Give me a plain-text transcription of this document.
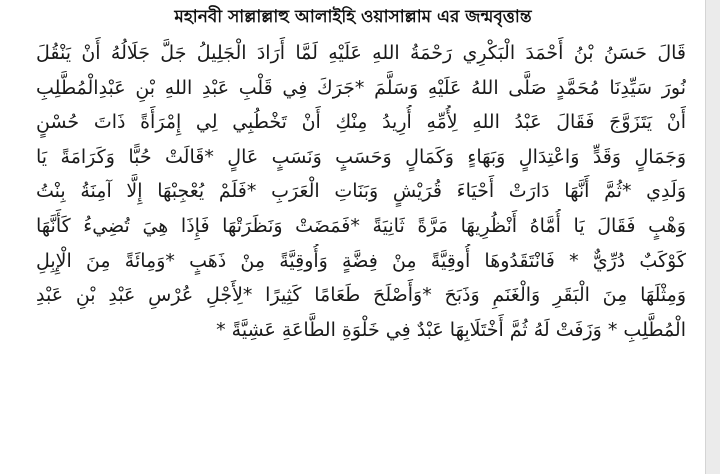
মহানবী সাল্লাল্লাহু আলাইহি ওয়াসাল্লাম এর জন্মবৃত্তান্ত
قَالَ حَسَنُ بْنُ أَحْمَدَ الْبَكْرِي رَحْمَةُ اللهِ عَلَيْهِ لَمَّا أَرَادَ الْجَلِيلُ جَلَّ جَلَالُهُ أَنْ يَنْقُلَ
نُورَ سَيِّدِنَا مُحَمَّدٍ صَلَّى اللهُ عَلَيْهِ وَسَلَّمَ *جَرَكَ فِي قَلْبِ عَبْدِ اللهِ بْنِ عَبْدِالْمُطَّلِبِ
أَنْ يَتَزَوَّجَ فَقَالَ عَبْدُ اللهِ لِأُمِّهِ أُرِيدُ مِنْكِ أَنْ تَخْطُبِي لِي إِمْرَأَةً ذَاتَ حُسْنٍ
وَجَمَالٍ وَقَدٍّ وَاعْتِدَالٍ وَبَهَاءٍ وَكَمَالٍ وَحَسَبٍ وَنَسَبٍ عَالٍ *قَالَتْ حُبًّا وَكَرَامَةً يَا
وَلَدِي *ثُمَّ أَنَّهَا دَارَتْ أَحْيَاءَ قُرَيْشٍ وَبَنَاتِ الْعَرَبِ *فَلَمْ يُعْجِبْهَا إِلَّا آمِنَةُ بِنْتُ
وَهْبٍ فَقَالَ يَا أُمَّاهُ أَنْظُرِيهَا مَرَّةً ثَانِيَةً *فَمَضَتْ وَنَظَرَتْهَا فَإِذَا هِيَ تُضِيءُ كَأَنَّهَا
كَوْكَبٌ دُرِّيٌّ * فَانْتَقَدُوهَا أُوقِيَّةً مِنْ فِضَّةٍ وَأُوقِيَّةً مِنْ ذَهَبٍ *وَمِائَةً مِنَ الْإِبِلِ
وَمِثْلَهَا مِنَ الْبَقَرِ وَالْغَنَمِ وَذَبَحَ *وَأَصْلَحَ طَعَامًا كَثِيرًا *لِأَجْلِ عُرْسِ عَبْدِ بْنِ عَبْدِ
الْمُطَّلِبِ * وَزَفَتْ لَهُ ثُمَّ أَخْتَلَابِهَا عَبْدٌ فِي خَلْوَةِ الطَّاعَةِ عَشِيَّةً *
